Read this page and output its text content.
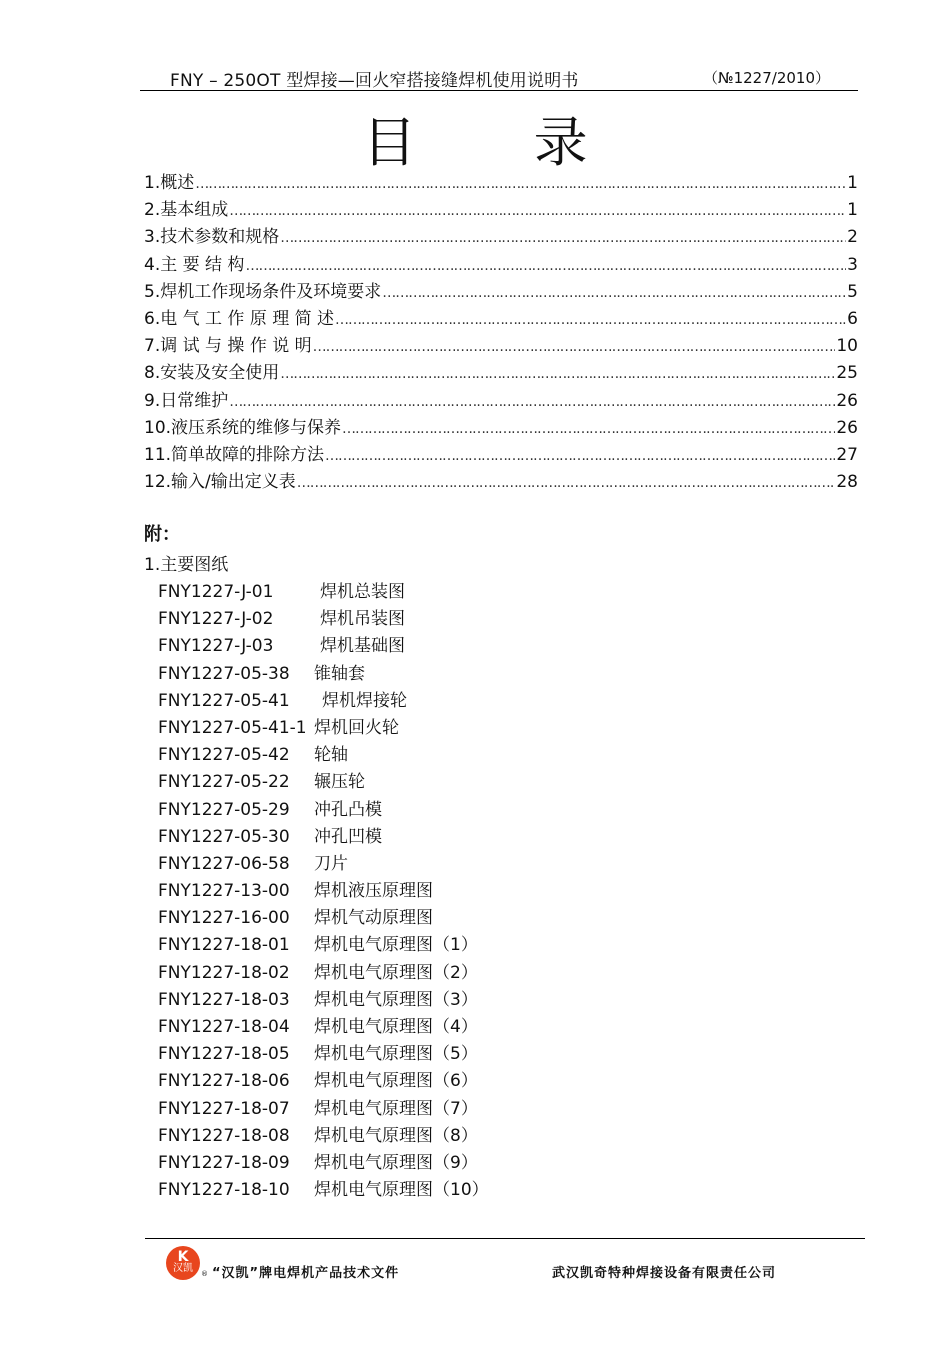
FNY – 250OT 型焊接—回火窄搭接缝焊机使用说明书	（№1227/2010）
目 录
1.概述 …………………………………………………………………………………………………………………………………………………………………………………………	1
2.基本组成 …………………………………………………………………………………………………………………………………………………………………………………………	1
3.技术参数和规格 …………………………………………………………………………………………………………………………………………………………………………………………	2
4.主 要 结 构 …………………………………………………………………………………………………………………………………………………………………………………………	3
5.焊机工作现场条件及环境要求 …………………………………………………………………………………………………………………………………………………………………………………………	5
6.电 气 工 作 原 理 简 述 …………………………………………………………………………………………………………………………………………………………………………………………	6
7.调 试 与 操 作 说 明 …………………………………………………………………………………………………………………………………………………………………………………………	10
8.安装及安全使用 …………………………………………………………………………………………………………………………………………………………………………………………	25
9.日常维护 …………………………………………………………………………………………………………………………………………………………………………………………	26
10.液压系统的维修与保养 …………………………………………………………………………………………………………………………………………………………………………………………	26
11.简单故障的排除方法 …………………………………………………………………………………………………………………………………………………………………………………………	27
12.输入/输出定义表 …………………………………………………………………………………………………………………………………………………………………………………………	28
附：
1.主要图纸
FNY1227-J-01	焊机总装图
FNY1227-J-02	焊机吊装图
FNY1227-J-03	焊机基础图
FNY1227-05-38	锥轴套
FNY1227-05-41	焊机焊接轮
FNY1227-05-41-1 焊机回火轮
FNY1227-05-42	轮轴
FNY1227-05-22	辗压轮
FNY1227-05-29	冲孔凸模
FNY1227-05-30	冲孔凹模
FNY1227-06-58	刀片
FNY1227-13-00	焊机液压原理图
FNY1227-16-00	焊机气动原理图
FNY1227-18-01	焊机电气原理图（1）
FNY1227-18-02	焊机电气原理图（2）
FNY1227-18-03	焊机电气原理图（3）
FNY1227-18-04	焊机电气原理图（4）
FNY1227-18-05	焊机电气原理图（5）
FNY1227-18-06	焊机电气原理图（6）
FNY1227-18-07	焊机电气原理图（7）
FNY1227-18-08	焊机电气原理图（8）
FNY1227-18-09	焊机电气原理图（9）
FNY1227-18-10	焊机电气原理图（10）
K
汉凯 ® “汉凯”牌电焊机产品技术文件	武汉凯奇特种焊接设备有限责任公司
